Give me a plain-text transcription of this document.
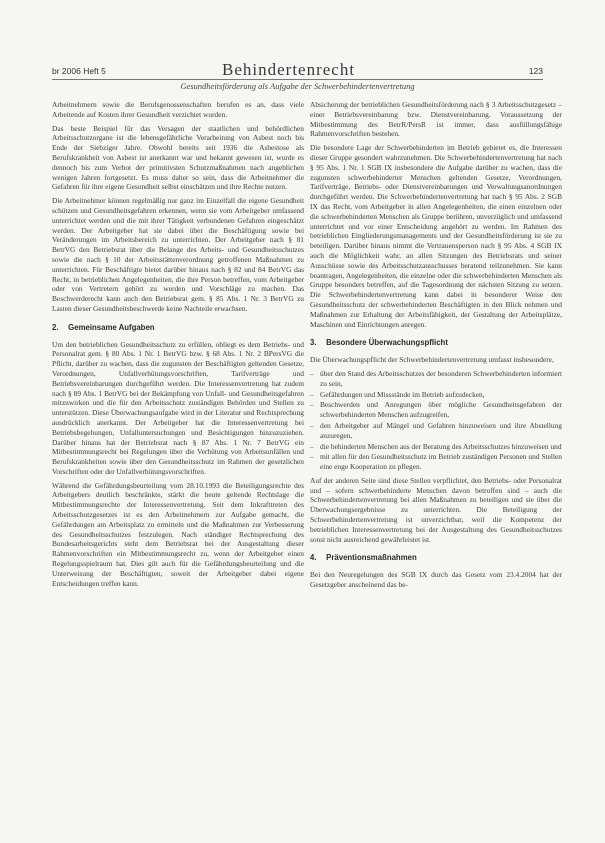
br 2006 Heft 5	Behindertenrecht	123
Gesundheitsförderung als Aufgabe der Schwerbehindertenvertretung

Arbeitnehmern sowie die Berufsgenossenschaften berufen es an, dass viele Arbeitende auf Kosten ihrer Gesundheit verzichtet wurden.

Das beste Beispiel für das Versagen der staatlichen und behördlichen Arbeitsschutzorgane ist die lebensgefährliche Verarbeitung von Asbest noch bis Ende der Siebziger Jahre. Obwohl bereits seit 1936 die Asbestose als Berufskrankheit von Asbest ist anerkannt war und bekannt gewesen ist, wurde es dennoch bis zum Verbot der primitivsten Schutzmaßnahmen nach angeblichen wenigen Jahren fortgesetzt. Es muss daher so sein, dass die Arbeitnehmer die Gefahren für ihre eigene Gesundheit selbst einschätzen und ihre Rechte nutzen.

Die Arbeitnehmer können regelmäßig nur ganz im Einzelfall die eigene Gesundheit schützen und Gesundheitsgefahren erkennen, wenn sie vom Arbeitgeber umfassend unterrichtet werden und die mit ihrer Tätigkeit verbundenen Gefahren eingeschätzt werden. Der Arbeitgeber hat sie dabei über die Beschäftigung sowie bei Veränderungen im Arbeitsbereich zu unterrichten. Der Arbeitgeber nach § 81 BetrVG den Betriebsrat über die Belange des Arbeits- und Gesundheitsschutzes sowie die nach § 10 der Arbeitsstättenverordnung getroffenen Maßnahmen zu unterrichten. Für Beschäftigte bietet darüber hinaus nach § 82 und 84 BetrVG das Recht, in betrieblichen Angelegenheiten, die ihre Person betreffen, vom Arbeitgeber oder von Vertretern gehört zu werden und Vorschläge zu machen. Das Beschwerderecht kann auch den Betriebsrat gem. § 85 Abs. 1 Nr. 3 BetrVG zu Lasten dieser Gesundheitsbeschwerde keine Nachteile erwachsen.

2. Gemeinsame Aufgaben

Um den betrieblichen Gesundheitsschutz zu erfüllen, obliegt es dem Betriebs- und Personalrat gem. § 80 Abs. 1 Nr. 1 BetrVG bzw. § 68 Abs. 1 Nr. 2 BPersVG die Pflicht, darüber zu wachen, dass die zugunsten der Beschäftigten geltenden Gesetze, Verordnungen, Unfallverhütungsvorschriften, Tarifverträge und Betriebsvereinbarungen durchgeführt werden. Die Interessenvertretung hat zudem nach § 89 Abs. 1 BetrVG bei der Bekämpfung von Unfall- und Gesundheitsgefahren mitzuwirken und die für den Arbeitsschutz zuständigen Behörden und Stellen zu unterstützen. Diese Überwachungsaufgabe wird in der Literatur und Rechtsprechung ausdrücklich anerkannt. Der Arbeitgeber hat die Interessenvertretung bei Betriebsbegehungen, Unfalluntersuchungen und Besichtigungen hinzuzuziehen. Darüber hinaus hat der Betriebsrat nach § 87 Abs. 1 Nr. 7 BetrVG ein Mitbestimmungsrecht bei Regelungen über die Verhütung von Arbeitsunfällen und Berufskrankheiten sowie über den Gesundheitsschutz im Rahmen der gesetzlichen Vorschriften oder der Unfallverhütungsvorschriften.

Während die Gefährdungsbeurteilung vom 28.10.1993 die Beteiligungsrechte des Arbeitgebers deutlich beschränkte, stärkt die heute geltende Rechtslage die Mitbestimmungsrechte der Interessenvertretung. Seit dem Inkrafttreten des Arbeitsschutzgesetzes ist es den Arbeitnehmern zur Aufgabe gemacht, die Gefährdungen am Arbeitsplatz zu ermitteln und die Maßnahmen zur Verbesserung des Gesundheitsschutzes festzulegen. Nach ständiger Rechtsprechung des Bundesarbeitsgerichts steht dem Betriebsrat bei der Ausgestaltung dieser Rahmenvorschriften ein Mitbestimmungsrecht zu, wenn der Arbeitgeber einen Regelungsspielraum hat. Dies gilt auch für die Gefährdungsbeurteilung und die Unterweisung der Beschäftigten, soweit der Arbeitgeber dabei eigene Entscheidungen treffen kann.

Absicherung der betrieblichen Gesundheitsförderung nach § 3 Arbeitsschutzgesetz – einer Betriebsvereinbarung bzw. Dienstvereinbarung. Voraussetzung der Mitbestimmung des BetrR/PersR ist immer, dass ausfüllungsfähige Rahmenvorschriften bestehen.

Die besondere Lage der Schwerbehinderten im Betrieb gebietet es, die Interessen dieser Gruppe gesondert wahrzunehmen. Die Schwerbehindertenvertretung hat nach § 95 Abs. 1 Nr. 1 SGB IX insbesondere die Aufgabe darüber zu wachen, dass die zugunsten schwerbehinderter Menschen geltenden Gesetze, Verordnungen, Tarifverträge, Betriebs- oder Dienstvereinbarungen und Verwaltungsanordnungen durchgeführt werden. Die Schwerbehindertenvertretung hat nach § 95 Abs. 2 SGB IX das Recht, vom Arbeitgeber in allen Angelegenheiten, die einen einzelnen oder die schwerbehinderten Menschen als Gruppe berühren, unverzüglich und umfassend unterrichtet und vor einer Entscheidung angehört zu werden. Im Rahmen des betrieblichen Eingliederungsmanagements und der Gesundheitsförderung ist sie zu beteiligen. Darüber hinaus nimmt die Vertrauensperson nach § 95 Abs. 4 SGB IX auch die Möglichkeit wahr, an allen Sitzungen des Betriebsrats und seiner Ausschüsse sowie des Arbeitsschutzausschusses beratend teilzunehmen. Sie kann beantragen, Angelegenheiten, die einzelne oder die schwerbehinderten Menschen als Gruppe besonders betreffen, auf die Tagesordnung der nächsten Sitzung zu setzen. Die Schwerbehindertenvertretung kann dabei in besonderer Weise den Gesundheitsschutz der schwerbehinderten Beschäftigten in den Blick nehmen und Maßnahmen zur Erhaltung der Arbeitsfähigkeit, der Gestaltung der Arbeitsplätze, Maschinen und Einrichtungen anregen.

3. Besondere Überwachungspflicht

Die Überwachungspflicht der Schwerbehindertenvertretung umfasst insbesondere,

– über den Stand des Arbeitsschutzes der besonderen Schwerbehinderten informiert zu sein,
– Gefährdungen und Missstände im Betrieb aufzudecken,
– Beschwerden und Anregungen über mögliche Gesundheitsgefahren der schwerbehinderten Menschen aufzugreifen,
– den Arbeitgeber auf Mängel und Gefahren hinzuweisen und ihre Abstellung anzuregen,
– die behinderten Menschen aus der Beratung des Arbeitsschutzes hinzuweisen und
– mit allen für den Gesundheitsschutz im Betrieb zuständigen Personen und Stellen eine enge Kooperation zu pflegen.

Auf der anderen Seite sind diese Stellen verpflichtet, den Betriebs- oder Personalrat und – sofern schwerbehinderte Menschen davon betroffen sind – auch die Schwerbehindertenvertretung bei allen Maßnahmen zu beteiligen und sie über die Überwachungsergebnisse zu unterrichten. Die Beteiligung der Schwerbehindertenvertretung ist unverzichtbar, weil die Kompetenz der betrieblichen Interessenvertretung bei der Ausgestaltung des Gesundheitsschutzes sonst nicht ausreichend gewährleistet ist.

4. Präventionsmaßnahmen

Bei den Neuregelungen des SGB IX durch das Gesetz vom 23.4.2004 hat der Gesetzgeber anscheinend das be-
